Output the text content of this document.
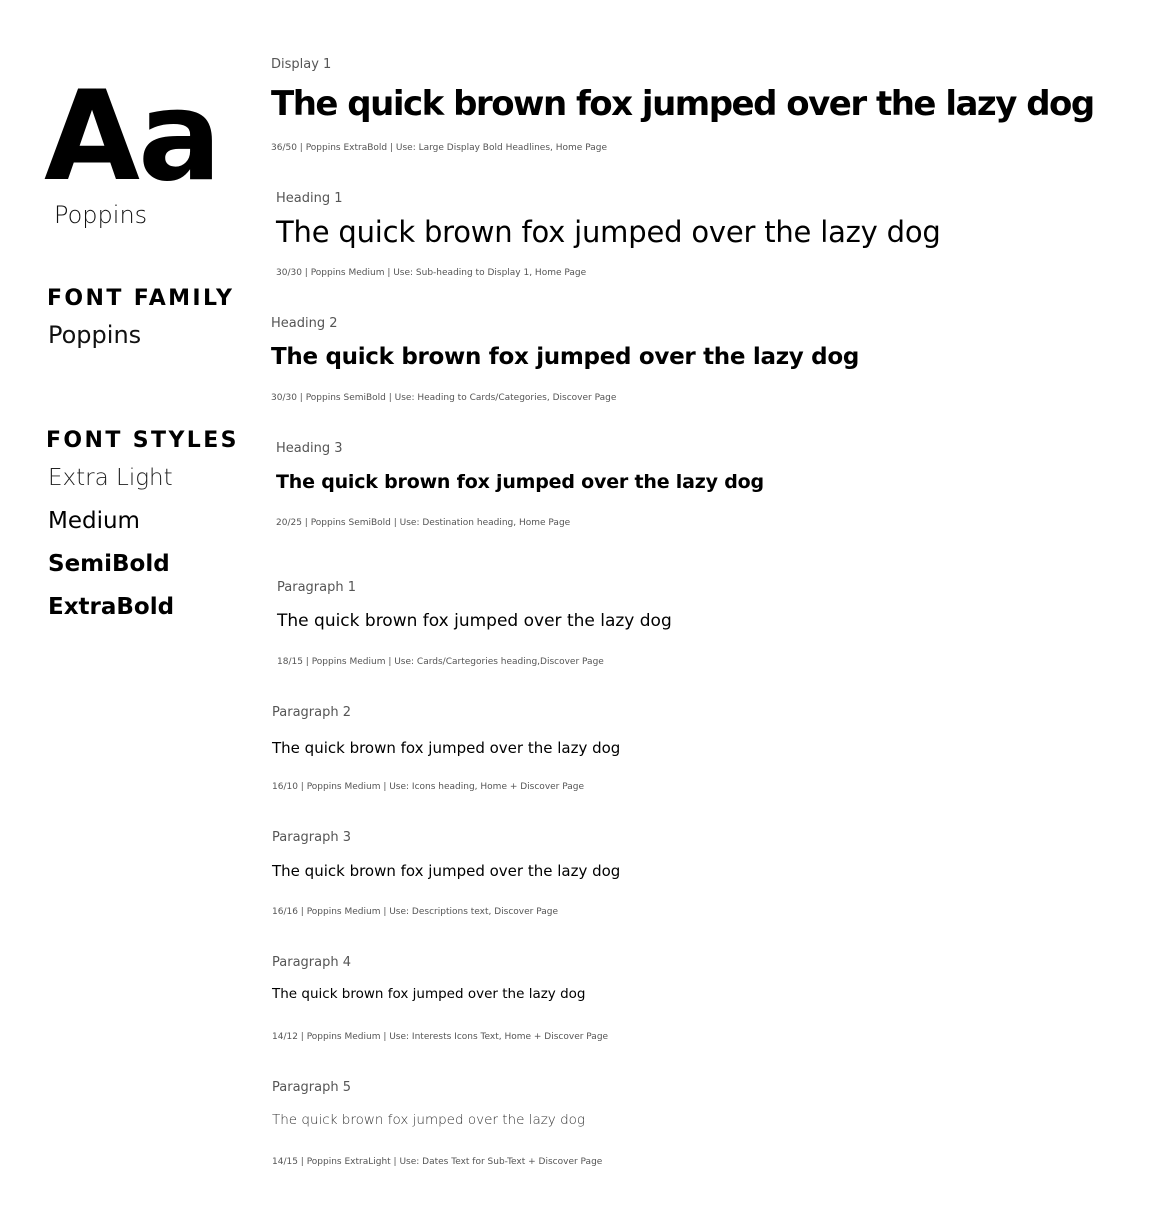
Aa
Poppins
FONT FAMILY
Poppins
FONT STYLES
Extra Light
Medium
SemiBold
ExtraBold
Display 1
The quick brown fox jumped over the lazy dog
36/50 | Poppins ExtraBold | Use: Large Display Bold Headlines, Home Page
Heading 1
The quick brown fox jumped over the lazy dog
30/30 | Poppins Medium | Use: Sub-heading to Display 1, Home Page
Heading 2
The quick brown fox jumped over the lazy dog
30/30 | Poppins SemiBold | Use: Heading to Cards/Categories, Discover Page
Heading 3
The quick brown fox jumped over the lazy dog
20/25 | Poppins SemiBold | Use: Destination heading, Home Page
Paragraph 1
The quick brown fox jumped over the lazy dog
18/15 | Poppins Medium | Use: Cards/Cartegories heading,Discover Page
Paragraph 2
The quick brown fox jumped over the lazy dog
16/10 | Poppins Medium | Use: Icons heading, Home + Discover Page
Paragraph 3
The quick brown fox jumped over the lazy dog
16/16 | Poppins Medium | Use: Descriptions text, Discover Page
Paragraph 4
The quick brown fox jumped over the lazy dog
14/12 | Poppins Medium | Use: Interests Icons Text, Home + Discover Page
Paragraph 5
The quick brown fox jumped over the lazy dog
14/15 | Poppins ExtraLight | Use: Dates Text for Sub-Text + Discover Page
